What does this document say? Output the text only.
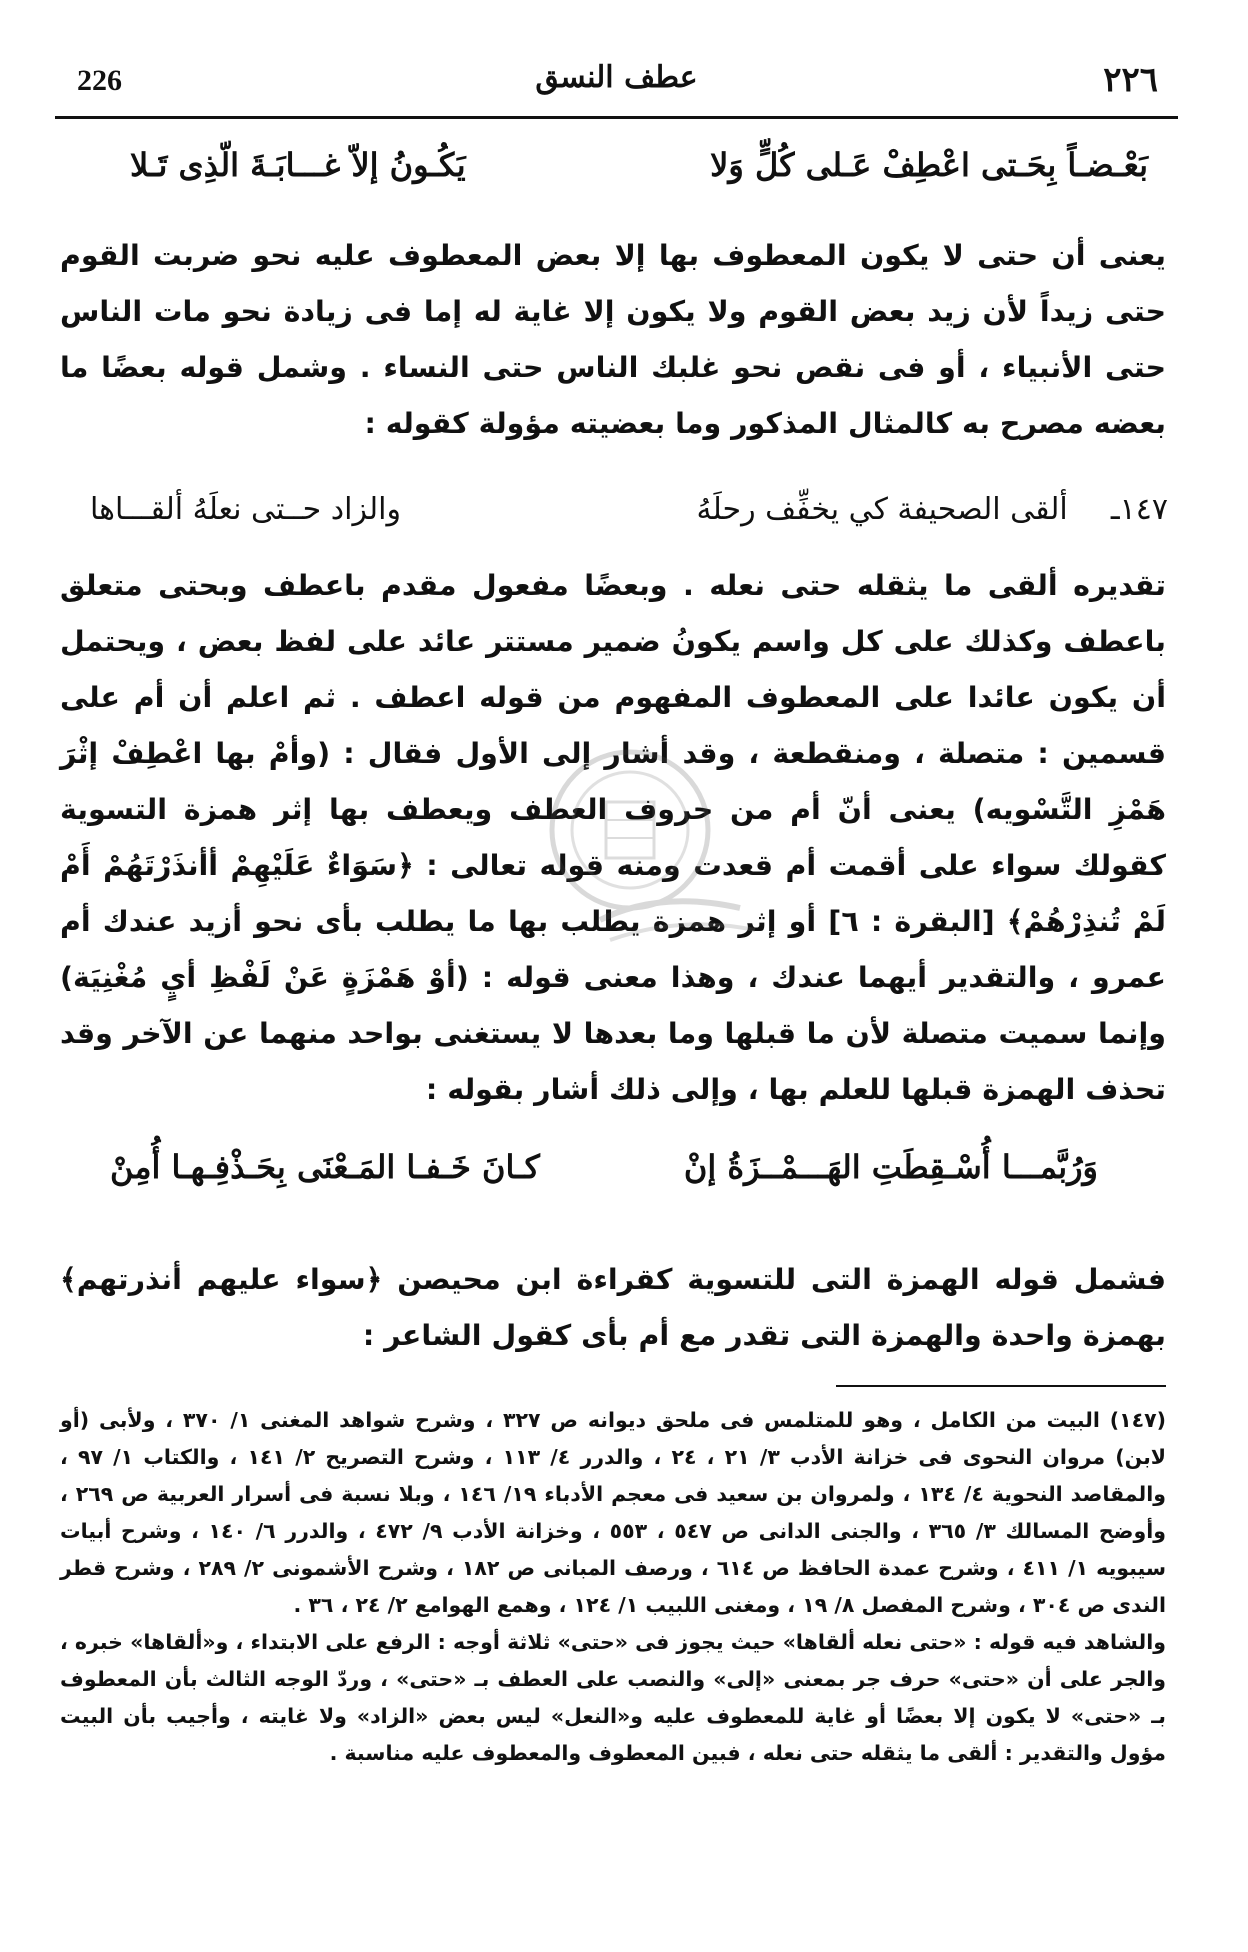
226	عطف النسق	٢٢٦
بَعْـضـاً بِحَـتى اعْطِفْ عَـلى كُلٍّ وَلا
يَكُـونُ إلاّ غـــابَـةَ الّذِى تَـلا

يعنى أن حتى لا يكون المعطوف بها إلا بعض المعطوف عليه نحو ضربت القوم حتى زيداً لأن زيد بعض القوم ولا يكون إلا غاية له إما فى زيادة نحو مات الناس حتى الأنبياء ، أو فى نقص نحو غلبك الناس حتى النساء . وشمل قوله بعضًا ما بعضه مصرح به كالمثال المذكور وما بعضيته مؤولة كقوله :

١٤٧ـ  ألقى الصحيفة كي يخفِّف رحلَهُ
والزاد حــتى نعلَهُ ألقـــاها

تقديره ألقى ما يثقله حتى نعله . وبعضًا مفعول مقدم باعطف وبحتى متعلق باعطف وكذلك على كل واسم يكونُ ضمير مستتر عائد على لفظ بعض ، ويحتمل أن يكون عائدا على المعطوف المفهوم من قوله اعطف . ثم اعلم أن أم على قسمين : متصلة ، ومنقطعة ، وقد أشار إلى الأول فقال : (وأمْ بها اعْطِفْ إثْرَ هَمْزِ التَّسْويه) يعنى أنّ أم من حروف العطف ويعطف بها إثر همزة التسوية كقولك سواء على أقمت أم قعدت ومنه قوله تعالى : ﴿سَوَاءٌ عَلَيْهِمْ أأنذَرْتَهُمْ أَمْ لَمْ تُنذِرْهُمْ﴾ [البقرة : ٦] أو إثر همزة يطلب بها ما يطلب بأى نحو أزيد عندك أم عمرو ، والتقدير أيهما عندك ، وهذا معنى قوله : (أوْ هَمْزَةٍ عَنْ لَفْظِ أيٍ مُغْنِيَة) وإنما سميت متصلة لأن ما قبلها وما بعدها لا يستغنى بواحد منهما عن الآخر وقد تحذف الهمزة قبلها للعلم بها ، وإلى ذلك أشار بقوله :

وَرُبَّمـــا أُسْـقِطَتِ الهَـــمْــزَةُ إنْ
كـانَ خَـفـا المَـعْنَى بِحَـذْفِـهـا أُمِنْ

فشمل قوله الهمزة التى للتسوية كقراءة ابن محيصن ﴿سواء عليهم أنذرتهم﴾ بهمزة واحدة والهمزة التى تقدر مع أم بأى كقول الشاعر :

(١٤٧) البيت من الكامل ، وهو للمتلمس فى ملحق ديوانه ص ٣٢٧ ، وشرح شواهد المغنى ١/ ٣٧٠ ، ولأبى (أو لابن) مروان النحوى فى خزانة الأدب ٣/ ٢١ ، ٢٤ ، والدرر ٤/ ١١٣ ، وشرح التصريح ٢/ ١٤١ ، والكتاب ١/ ٩٧ ، والمقاصد النحوية ٤/ ١٣٤ ، ولمروان بن سعيد فى معجم الأدباء ١٩/ ١٤٦ ، وبلا نسبة فى أسرار العربية ص ٢٦٩ ، وأوضح المسالك ٣/ ٣٦٥ ، والجنى الدانى ص ٥٤٧ ، ٥٥٣ ، وخزانة الأدب ٩/ ٤٧٢ ، والدرر ٦/ ١٤٠ ، وشرح أبيات سيبويه ١/ ٤١١ ، وشرح عمدة الحافظ ص ٦١٤ ، ورصف المبانى ص ١٨٢ ، وشرح الأشمونى ٢/ ٢٨٩ ، وشرح قطر الندى ص ٣٠٤ ، وشرح المفصل ٨/ ١٩ ، ومغنى اللبيب ١/ ١٢٤ ، وهمع الهوامع ٢/ ٢٤ ، ٣٦ .

والشاهد فيه قوله : «حتى نعله ألقاها» حيث يجوز فى «حتى» ثلاثة أوجه : الرفع على الابتداء ، و«ألقاها» خبره ، والجر على أن «حتى» حرف جر بمعنى «إلى» والنصب على العطف بـ «حتى» ، وردّ الوجه الثالث بأن المعطوف بـ «حتى» لا يكون إلا بعضًا أو غاية للمعطوف عليه و«النعل» ليس بعض «الزاد» ولا غايته ، وأجيب بأن البيت مؤول والتقدير : ألقى ما يثقله حتى نعله ، فبين المعطوف والمعطوف عليه مناسبة .
